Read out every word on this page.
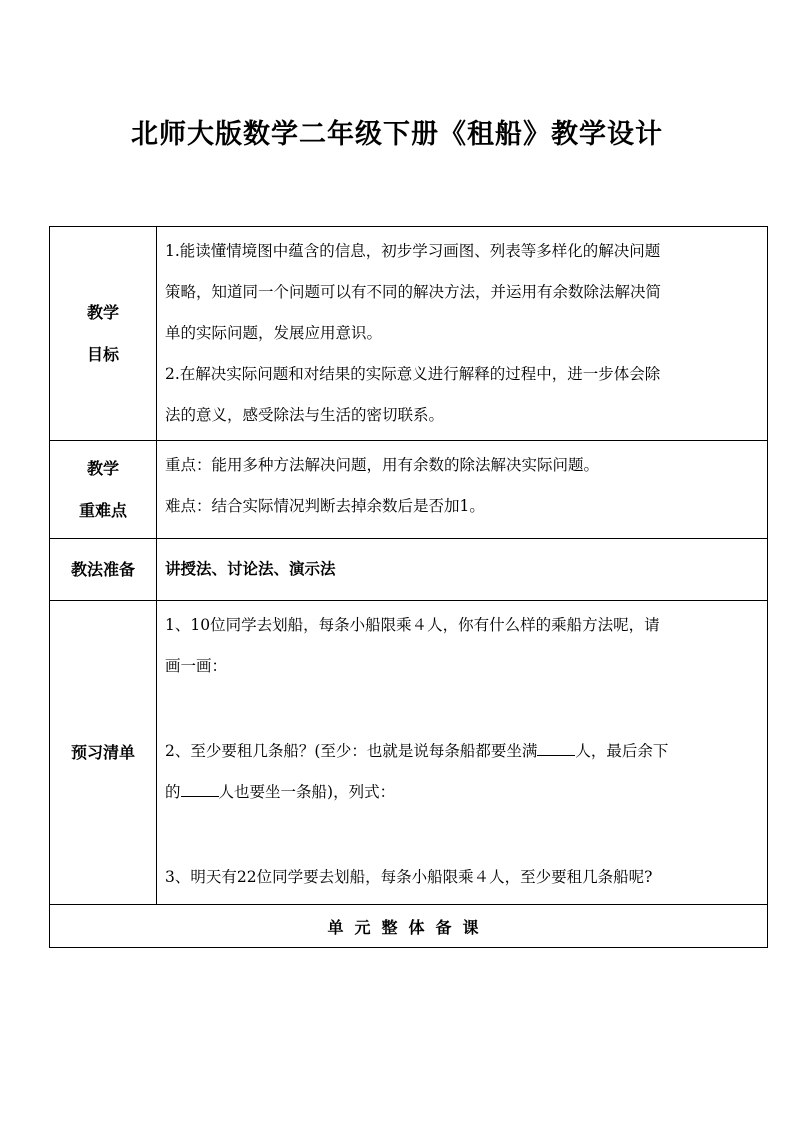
北师大版数学二年级下册《租船》教学设计
教学
目标	1.能读懂情境图中蕴含的信息，初步学习画图、列表等多样化的解决问题
策略，知道同一个问题可以有不同的解决方法，并运用有余数除法解决简
单的实际问题，发展应用意识。
2.在解决实际问题和对结果的实际意义进行解释的过程中，进一步体会除
法的意义，感受除法与生活的密切联系。

教学
重难点	重点：能用多种方法解决问题，用有余数的除法解决实际问题。
难点：结合实际情况判断去掉余数后是否加1。

教法准备	讲授法、讨论法、演示法
预习清单	1、10位同学去划船，每条小船限乘４人，你有什么样的乘船方法呢，请
画一画：
2、至少要租几条船？(至少：也就是说每条船都要坐满 人，最后余下
的 人也要坐一条船)，列式：
3、明天有22位同学要去划船，每条小船限乘４人，至少要租几条船呢?

单元整体备课	
